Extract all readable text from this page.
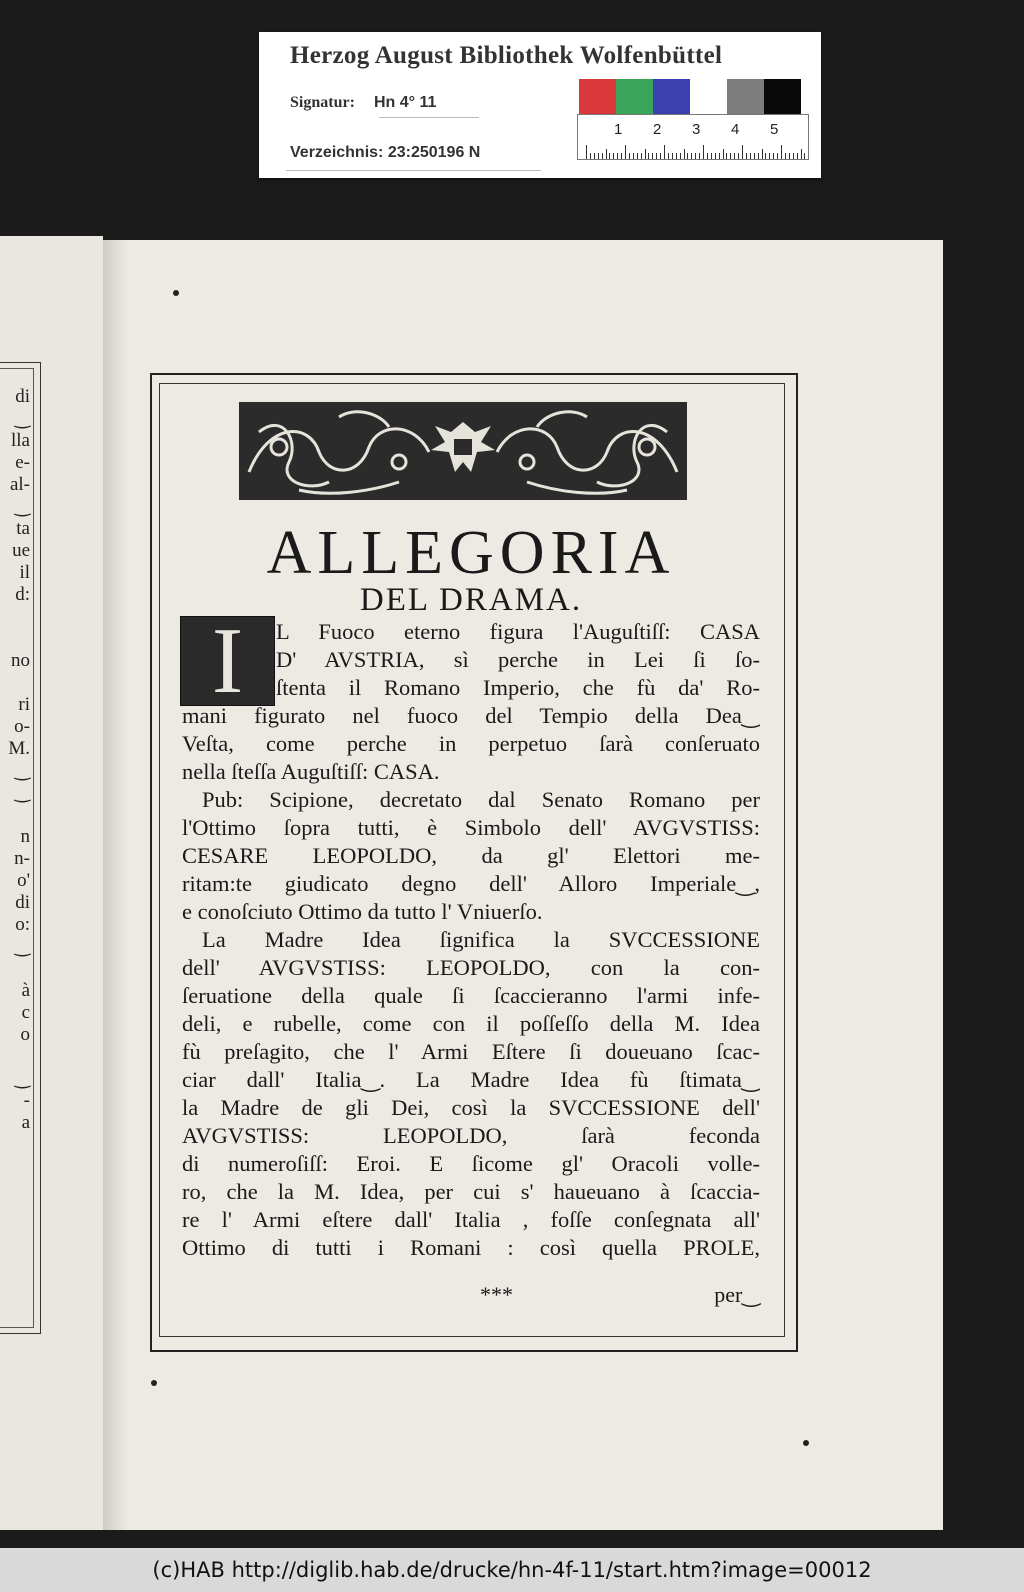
Herzog August Bibliothek Wolfenbüttel
Signatur: Hn 4° 11
Verzeichnis: 23:250196 N
1 2 3 4 5
di
‿
lla
e-
al-
‿
ta
ue
il
d:
no
ri
o-
M.
‿
‿
n
n-
o'
di
o:
‿
à
c
o
‿
-
a
ALLEGORIA
DEL DRAMA.
I	L Fuoco eterno figura l'Auguſtiſſ: CASA
D' AVSTRIA, sì perche in Lei ſi ſo-
ſtenta il Romano Imperio, che fù da' Ro-
mani figurato nel fuoco del Tempio della Dea‿
Veſta, come perche in perpetuo ſarà conſeruato
nella ſteſſa Auguſtiſſ: CASA.
Pub: Scipione, decretato dal Senato Romano per
l'Ottimo ſopra tutti, è Simbolo dell' AVGVSTISS:
CESARE LEOPOLDO, da gl' Elettori me-
ritam:te giudicato degno dell' Alloro Imperiale‿,
e conoſciuto Ottimo da tutto l' Vniuerſo.
La Madre Idea ſignifica la SVCCESSIONE
dell' AVGVSTISS: LEOPOLDO, con la con-
ſeruatione della quale ſi ſcaccieranno l'armi infe-
deli, e rubelle, come con il poſſeſſo della M. Idea
fù preſagito, che l' Armi Eſtere ſi doueuano ſcac-
ciar dall' Italia‿. La Madre Idea fù ſtimata‿
la Madre de gli Dei, così la SVCCESSIONE dell'
AVGVSTISS: LEOPOLDO, ſarà feconda
di numeroſiſſ: Eroi. E ſicome gl' Oracoli volle-
ro, che la M. Idea, per cui s' haueuano à ſcaccia-
re l' Armi eſtere dall' Italia , foſſe conſegnata all'
Ottimo di tutti i Romani : così quella PROLE,
***	per‿
(c)HAB http://diglib.hab.de/drucke/hn-4f-11/start.htm?image=00012
